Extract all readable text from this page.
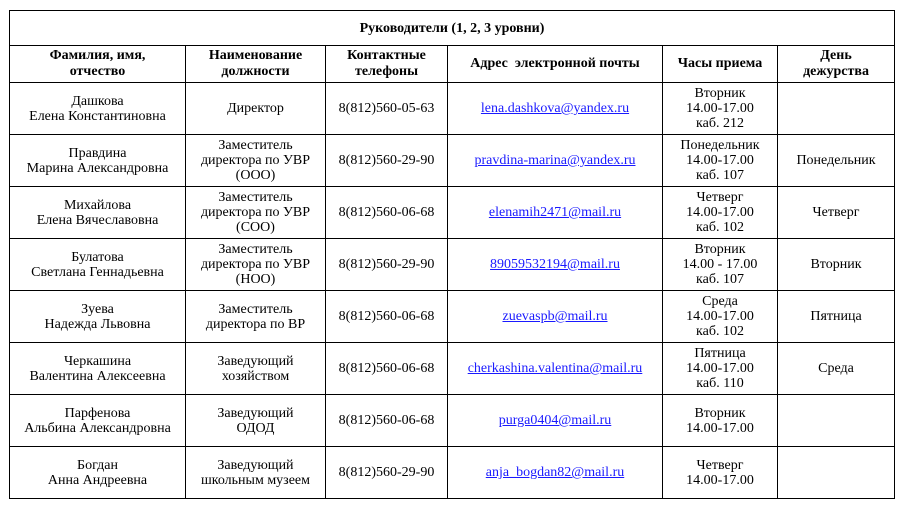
Руководители (1, 2, 3 уровни)					

Фамилия, имя,
отчество	Наименование
должности	Контактные
телефоны	Адрес  электронной почты	Часы приема	День
дежурства

Дашкова
Елена Константиновна	Директор	8(812)560-05-63	lena.dashkova@yandex.ru	Вторник
14.00-17.00
каб. 212	

Правдина
Марина Александровна	Заместитель
директора по УВР
(ООО)	8(812)560-29-90	pravdina-marina@yandex.ru	Понедельник
14.00-17.00
каб. 107	Понедельник

Михайлова
Елена Вячеславовна	Заместитель
директора по УВР
(СОО)	8(812)560-06-68	elenamih2471@mail.ru	Четверг
14.00-17.00
каб. 102	Четверг

Булатова
Светлана Геннадьевна	Заместитель
директора по УВР
(НОО)	8(812)560-29-90	89059532194@mail.ru	Вторник
14.00 - 17.00
каб. 107	Вторник

Зуева
Надежда Львовна	Заместитель
директора по ВР	8(812)560-06-68	zuevaspb@mail.ru	Среда
14.00-17.00
каб. 102	Пятница

Черкашина
Валентина Алексеевна	Заведующий
хозяйством	8(812)560-06-68	cherkashina.valentina@mail.ru	Пятница
14.00-17.00
каб. 110	Среда

Парфенова
Альбина Александровна	Заведующий
ОДОД	8(812)560-06-68	purga0404@mail.ru	Вторник
14.00-17.00	

Богдан
Анна Андреевна	Заведующий
школьным музеем	8(812)560-29-90	anja_bogdan82@mail.ru	Четверг
14.00-17.00	
